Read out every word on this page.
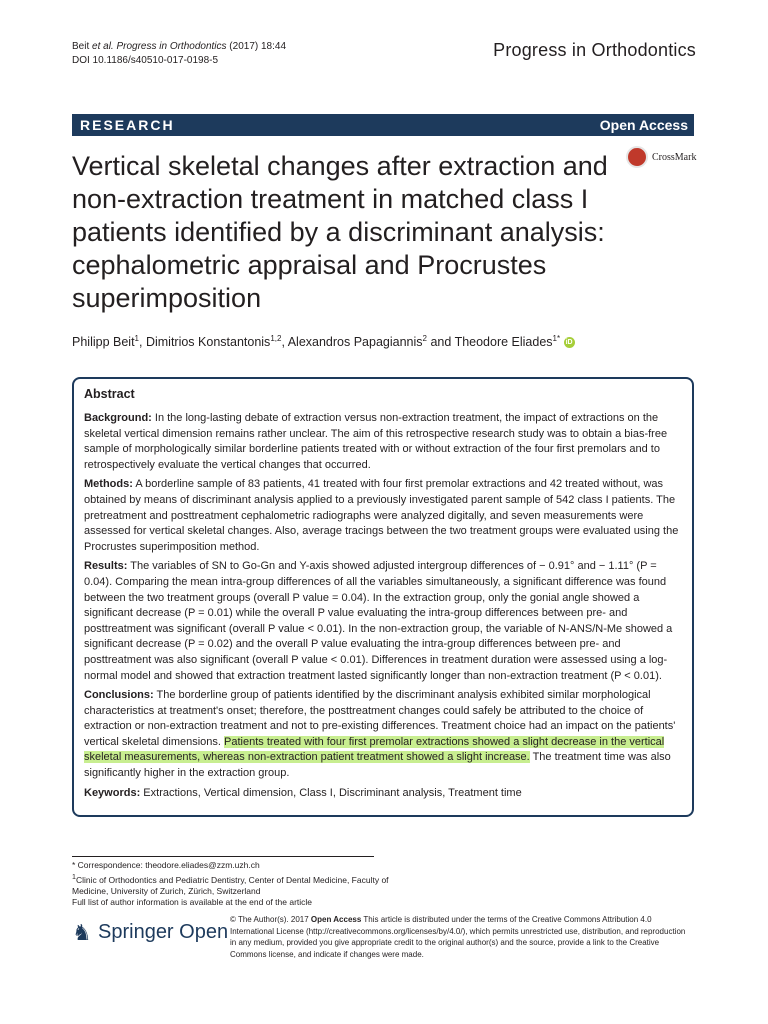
Beit et al. Progress in Orthodontics (2017) 18:44
DOI 10.1186/s40510-017-0198-5
Progress in Orthodontics
RESEARCH	Open Access
CrossMark
Vertical skeletal changes after extraction and non-extraction treatment in matched class I patients identified by a discriminant analysis: cephalometric appraisal and Procrustes superimposition
Philipp Beit$^1$, Dimitrios Konstantonis$^{1,2}$, Alexandros Papagiannis$^2$ and Theodore Eliades$^{1*}$ iD
Abstract

Background: In the long-lasting debate of extraction versus non-extraction treatment, the impact of extractions on the skeletal vertical dimension remains rather unclear. The aim of this retrospective research study was to obtain a bias-free sample of morphologically similar borderline patients treated with or without extraction of the four first premolars and to retrospectively evaluate the vertical changes that occurred.

Methods: A borderline sample of 83 patients, 41 treated with four first premolar extractions and 42 treated without, was obtained by means of discriminant analysis applied to a previously investigated parent sample of 542 class I patients. The pretreatment and posttreatment cephalometric radiographs were analyzed digitally, and seven measurements were assessed for vertical skeletal changes. Also, average tracings between the two treatment groups were evaluated using the Procrustes superimposition method.

Results: The variables of SN to Go-Gn and Y-axis showed adjusted intergroup differences of − 0.91° and − 1.11° (P = 0.04). Comparing the mean intra-group differences of all the variables simultaneously, a significant difference was found between the two treatment groups (overall P value = 0.04). In the extraction group, only the gonial angle showed a significant decrease (P = 0.01) while the overall P value evaluating the intra-group differences between pre- and posttreatment was significant (overall P value < 0.01). In the non-extraction group, the variable of N-ANS/N-Me showed a significant decrease (P = 0.02) and the overall P value evaluating the intra-group differences between pre- and posttreatment was also significant (overall P value < 0.01). Differences in treatment duration were assessed using a log-normal model and showed that extraction treatment lasted significantly longer than non-extraction treatment (P < 0.01).

Conclusions: The borderline group of patients identified by the discriminant analysis exhibited similar morphological characteristics at treatment's onset; therefore, the posttreatment changes could safely be attributed to the choice of extraction or non-extraction treatment and not to pre-existing differences. Treatment choice had an impact on the patients' vertical skeletal dimensions. Patients treated with four first premolar extractions showed a slight decrease in the vertical skeletal measurements, whereas non-extraction patient treatment showed a slight increase. The treatment time was also significantly higher in the extraction group.

Keywords: Extractions, Vertical dimension, Class I, Discriminant analysis, Treatment time

* Correspondence: theodore.eliades@zzm.uzh.ch
$^1$Clinic of Orthodontics and Pediatric Dentistry, Center of Dental Medicine, Faculty of Medicine, University of Zurich, Zürich, Switzerland
Full list of author information is available at the end of the article
♞ Springer Open
© The Author(s). 2017 Open Access This article is distributed under the terms of the Creative Commons Attribution 4.0 International License (http://creativecommons.org/licenses/by/4.0/), which permits unrestricted use, distribution, and reproduction in any medium, provided you give appropriate credit to the original author(s) and the source, provide a link to the Creative Commons license, and indicate if changes were made.
